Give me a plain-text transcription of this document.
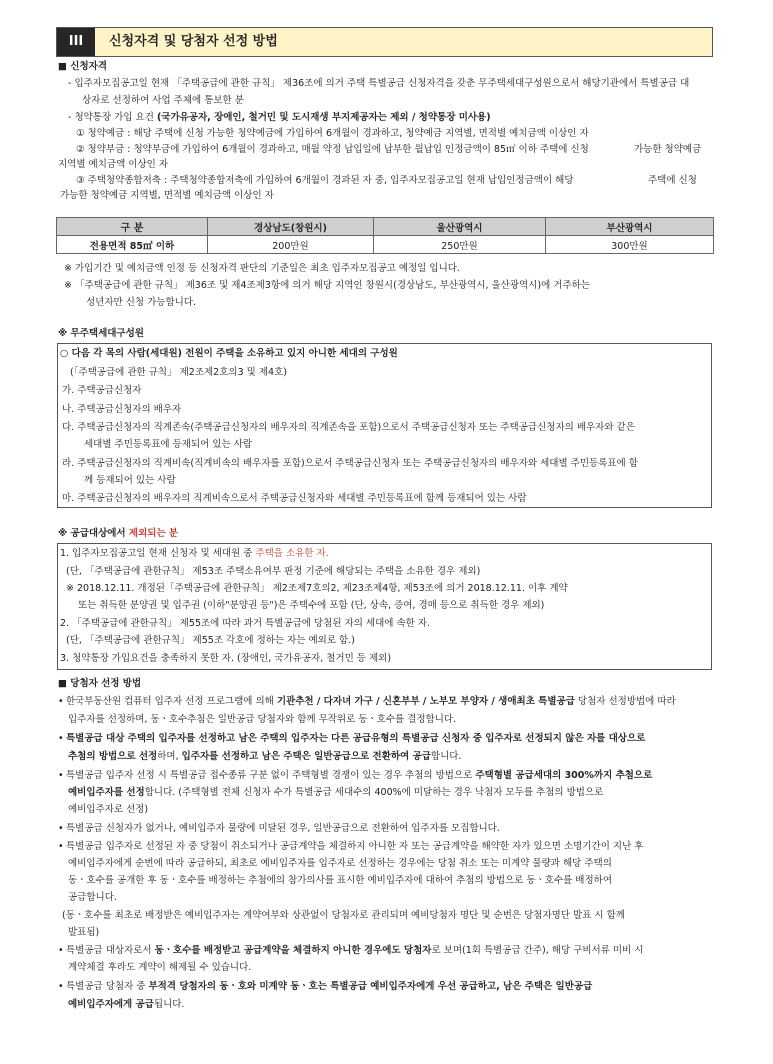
III	신청자격 및 당첨자 선정 방법
■ 신청자격
- 입주자모집공고일 현재 「주택공급에 관한 규칙」 제36조에 의거 주택 특별공급 신청자격을 갖춘 무주택세대구성원으로서 해당기관에서 특별공급 대
상자로 선정하여 사업 주체에 통보한 분
- 청약통장 가입 요건 (국가유공자, 장애인, 철거민 및 도시재생 부지제공자는 제외 / 청약통장 미사용)
① 청약예금 : 해당 주택에 신청 가능한 청약예금에 가입하여 6개월이 경과하고, 청약예금 지역별, 면적별 예치금액 이상인 자
② 청약부금 : 청약부금에 가입하여 6개월이 경과하고, 매월 약정 납입일에 납부한 월납입 인정금액이 85㎡ 이하 주택에 신청	가능한 청약예금
지역별 예치금액 이상인 자
③ 주택청약종합저축 : 주택청약종합저축에 가입하여 6개월이 경과된 자 중, 입주자모집공고일 현재 납입인정금액이 해당	주택에 신청
가능한 청약예금 지역별, 면적별 예치금액 이상인 자
구 분	경상남도(창원시)	울산광역시	부산광역시
전용면적 85㎡ 이하	200만원	250만원	300만원
※ 가입기간 및 예치금액 인정 등 신청자격 판단의 기준일은 최초 입주자모집공고 예정일 입니다.
※ 「주택공급에 관한 규칙」 제36조 및 제4조제3항에 의거 해당 지역인 창원시(경상남도, 부산광역시, 울산광역시)에 거주하는
성년자만 신청 가능합니다.
※ 무주택세대구성원
○ 다음 각 목의 사람(세대원) 전원이 주택을 소유하고 있지 아니한 세대의 구성원
(「주택공급에 관한 규칙」 제2조제2호의3 및 제4호)
가. 주택공급신청자
나. 주택공급신청자의 배우자
다. 주택공급신청자의 직계존속(주택공급신청자의 배우자의 직계존속을 포함)으로서 주택공급신청자 또는 주택공급신청자의 배우자와 같은
세대별 주민등록표에 등재되어 있는 사람
라. 주택공급신청자의 직계비속(직계비속의 배우자를 포함)으로서 주택공급신청자 또는 주택공급신청자의 배우자와 세대별 주민등록표에 함
께 등재되어 있는 사람
마. 주택공급신청자의 배우자의 직계비속으로서 주택공급신청자와 세대별 주민등록표에 함께 등재되어 있는 사람
※ 공급대상에서 제외되는 분
1. 입주자모집공고일 현재 신청자 및 세대원 중 주택을 소유한 자.
(단, 「주택공급에 관한규칙」 제53조 주택소유여부 판정 기준에 해당되는 주택을 소유한 경우 제외)
※ 2018.12.11. 개정된「주택공급에 관한규칙」 제2조제7호의2, 제23조제4항, 제53조에 의거 2018.12.11. 이후 계약
또는 취득한 분양권 및 입주권 (이하"분양권 등")은 주택수에 포함 (단, 상속, 증여, 경매 등으로 취득한 경우 제외)
2. 「주택공급에 관한규칙」 제55조에 따라 과거 특별공급에 당첨된 자의 세대에 속한 자.
(단, 「주택공급에 관한규칙」 제55조 각호에 정하는 자는 예외로 함.)
3. 청약통장 가입요건을 충족하지 못한 자. (장애인, 국가유공자, 철거민 등 제외)
■ 당첨자 선정 방법
• 한국부동산원 컴퓨터 입주자 선정 프로그램에 의해 기관추천 / 다자녀 가구 / 신혼부부 / 노부모 부양자 / 생애최초 특별공급 당첨자 선정방법에 따라
입주자를 선정하며, 동ㆍ호수추첨은 일반공급 당첨자와 함께 무작위로 동ㆍ호수를 결정합니다.
• 특별공급 대상 주택의 입주자를 선정하고 남은 주택의 입주자는 다른 공급유형의 특별공급 신청자 중 입주자로 선정되지 않은 자를 대상으로
추첨의 방법으로 선정하며, 입주자를 선정하고 남은 주택은 일반공급으로 전환하여 공급합니다.
• 특별공급 입주자 선정 시 특별공급 접수종류 구분 없이 주택형별 경쟁이 있는 경우 추첨의 방법으로 주택형별 공급세대의 300%까지 추첨으로
예비입주자를 선정합니다. (주택형별 전체 신청자 수가 특별공급 세대수의 400%에 미달하는 경우 낙첨자 모두를 추첨의 방법으로
예비입주자로 선정)
• 특별공급 신청자가 없거나, 예비입주자 물량에 미달된 경우, 일반공급으로 전환하여 입주자를 모집합니다.
• 특별공급 입주자로 선정된 자 중 당첨이 취소되거나 공급계약을 체결하지 아니한 자 또는 공급계약을 해약한 자가 있으면 소명기간이 지난 후
예비입주자에게 순번에 따라 공급하되, 최초로 예비입주자를 입주자로 선정하는 경우에는 당첨 취소 또는 미계약 물량과 해당 주택의
동ㆍ호수를 공개한 후 동ㆍ호수를 배정하는 추첨에의 참가의사를 표시한 예비입주자에 대하여 추첨의 방법으로 동ㆍ호수를 배정하여
공급합니다.
(동ㆍ호수를 최초로 배정받은 예비입주자는 계약여부와 상관없이 당첨자로 관리되며 예비당첨자 명단 및 순번은 당첨자명단 발표 시 함께
발표됨)
• 특별공급 대상자로서 동ㆍ호수를 배정받고 공급계약을 체결하지 아니한 경우에도 당첨자로 보며(1회 특별공급 간주), 해당 구비서류 미비 시
계약체결 후라도 계약이 해제될 수 있습니다.
• 특별공급 당첨자 중 부적격 당첨자의 동ㆍ호와 미계약 동ㆍ호는 특별공급 예비입주자에게 우선 공급하고, 남은 주택은 일반공급
예비입주자에게 공급됩니다.
